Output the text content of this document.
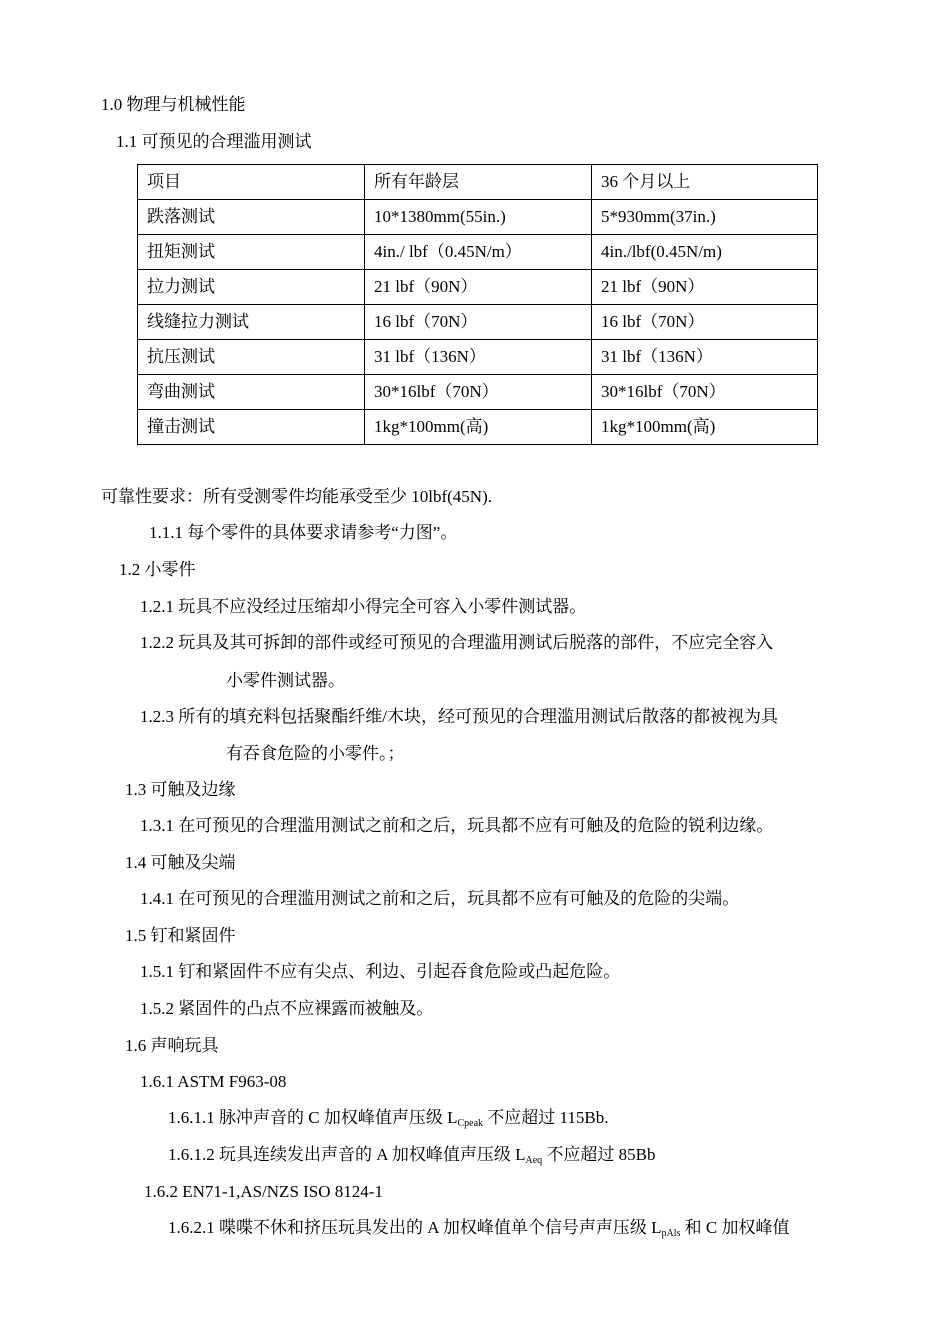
1.0 物理与机械性能
1.1 可预见的合理滥用测试
项目	所有年龄层	36 个月以上
跌落测试	10*1380mm(55in.)	5*930mm(37in.)
扭矩测试	4in./ lbf（0.45N/m）	4in./lbf(0.45N/m)
拉力测试	21 lbf（90N）	21 lbf（90N）
线缝拉力测试	16 lbf（70N）	16 lbf（70N）
抗压测试	31 lbf（136N）	31 lbf（136N）
弯曲测试	30*16lbf（70N）	30*16lbf（70N）
撞击测试	1kg*100mm(高)	1kg*100mm(高)
可靠性要求：所有受测零件均能承受至少 10lbf(45N).
1.1.1 每个零件的具体要求请参考“力图”。
1.2 小零件
1.2.1 玩具不应没经过压缩却小得完全可容入小零件测试器。
1.2.2 玩具及其可拆卸的部件或经可预见的合理滥用测试后脱落的部件，不应完全容入
小零件测试器。
1.2.3 所有的填充料包括聚酯纤维/木块，经可预见的合理滥用测试后散落的都被视为具
有吞食危险的小零件。；
1.3 可触及边缘
1.3.1 在可预见的合理滥用测试之前和之后，玩具都不应有可触及的危险的锐利边缘。
1.4 可触及尖端
1.4.1 在可预见的合理滥用测试之前和之后，玩具都不应有可触及的危险的尖端。
1.5 钉和紧固件
1.5.1 钉和紧固件不应有尖点、利边、引起吞食危险或凸起危险。
1.5.2 紧固件的凸点不应裸露而被触及。
1.6 声响玩具
1.6.1 ASTM F963-08
1.6.1.1 脉冲声音的 C 加权峰值声压级 $L_{Cpeak}$ 不应超过 115Bb.
1.6.1.2 玩具连续发出声音的 A 加权峰值声压级 $L_{Aeq}$ 不应超过 85Bb
1.6.2 EN71-1,AS/NZS ISO 8124-1
1.6.2.1 喋喋不休和挤压玩具发出的 A 加权峰值单个信号声声压级 $L_{pAls}$ 和 C 加权峰值
